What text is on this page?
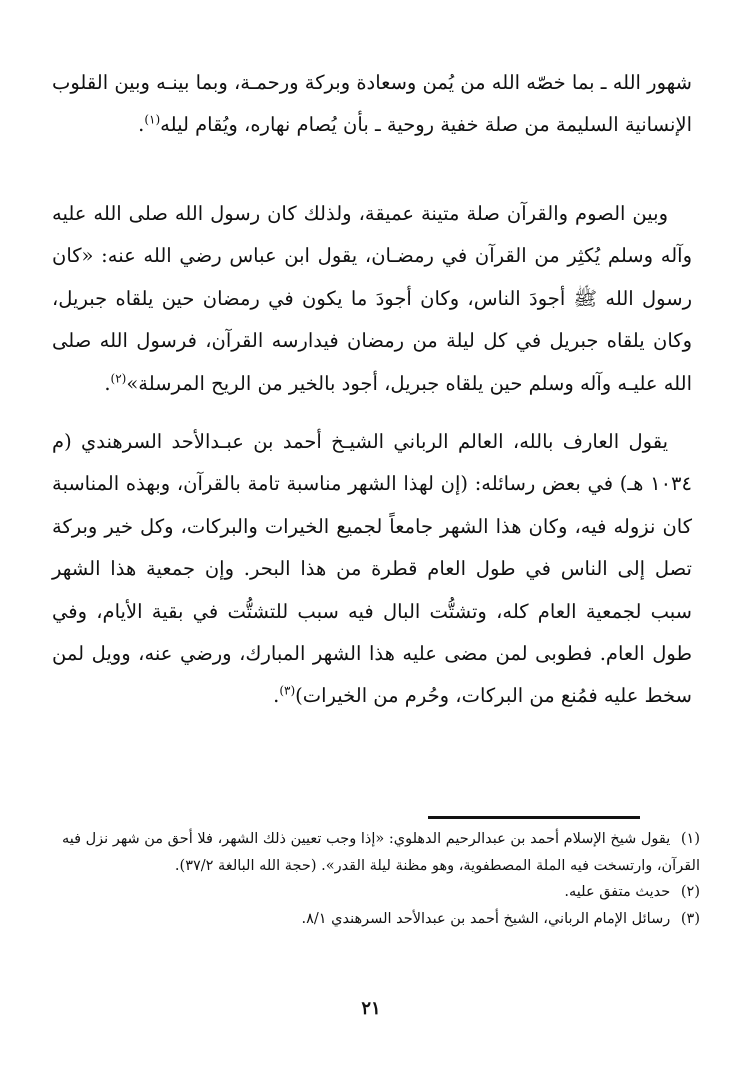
شهور الله ـ بما خصّه الله من يُمن وسعادة وبركة ورحمـة، وبما بينـه وبين القلوب الإنسانية السليمة من صلة خفية روحية ـ بأن يُصام نهاره، ويُقام ليله$^{(١)}$.

وبين الصوم والقرآن صلة متينة عميقة، ولذلك كان رسول الله صلى الله عليه وآله وسلم يُكثِر من القرآن في رمضـان، يقول ابن عباس رضي الله عنه: «كان رسول الله ﷺ أجودَ الناس، وكان أجودَ ما يكون في رمضان حين يلقاه جبريل، وكان يلقاه جبريل في كل ليلة من رمضان فيدارسه القرآن، فرسول الله صلى الله عليـه وآله وسلم حين يلقاه جبريل، أجود بالخير من الريح المرسلة»$^{(٢)}$.

يقول العارف بالله، العالم الرباني الشيـخ أحمد بن عبـدالأحد السرهندي (م ١٠٣٤ هـ) في بعض رسائله: (إن لهذا الشهر مناسبة تامة بالقرآن، وبهذه المناسبة كان نزوله فيه، وكان هذا الشهر جامعاً لجميع الخيرات والبركات، وكل خير وبركة تصل إلى الناس في طول العام قطرة من هذا البحر. وإن جمعية هذا الشهر سبب لجمعية العام كله، وتشتُّت البال فيه سبب للتشتُّت في بقية الأيام، وفي طول العام. فطوبى لمن مضى عليه هذا الشهر المبارك، ورضي عنه، وويل لمن سخط عليه فمُنع من البركات، وحُرم من الخيرات)$^{(٣)}$.

(١) يقول شيخ الإسلام أحمد بن عبدالرحيم الدهلوي: «إذا وجب تعيين ذلك الشهر، فلا أحق من شهر نزل فيه القرآن، وارتسخت فيه الملة المصطفوية، وهو مظنة ليلة القدر». (حجة الله البالغة ٣٧/٢).

(٢) حديث متفق عليه.

(٣) رسائل الإمام الرباني، الشيخ أحمد بن عبدالأحد السرهندي ٨/١.

٢١
